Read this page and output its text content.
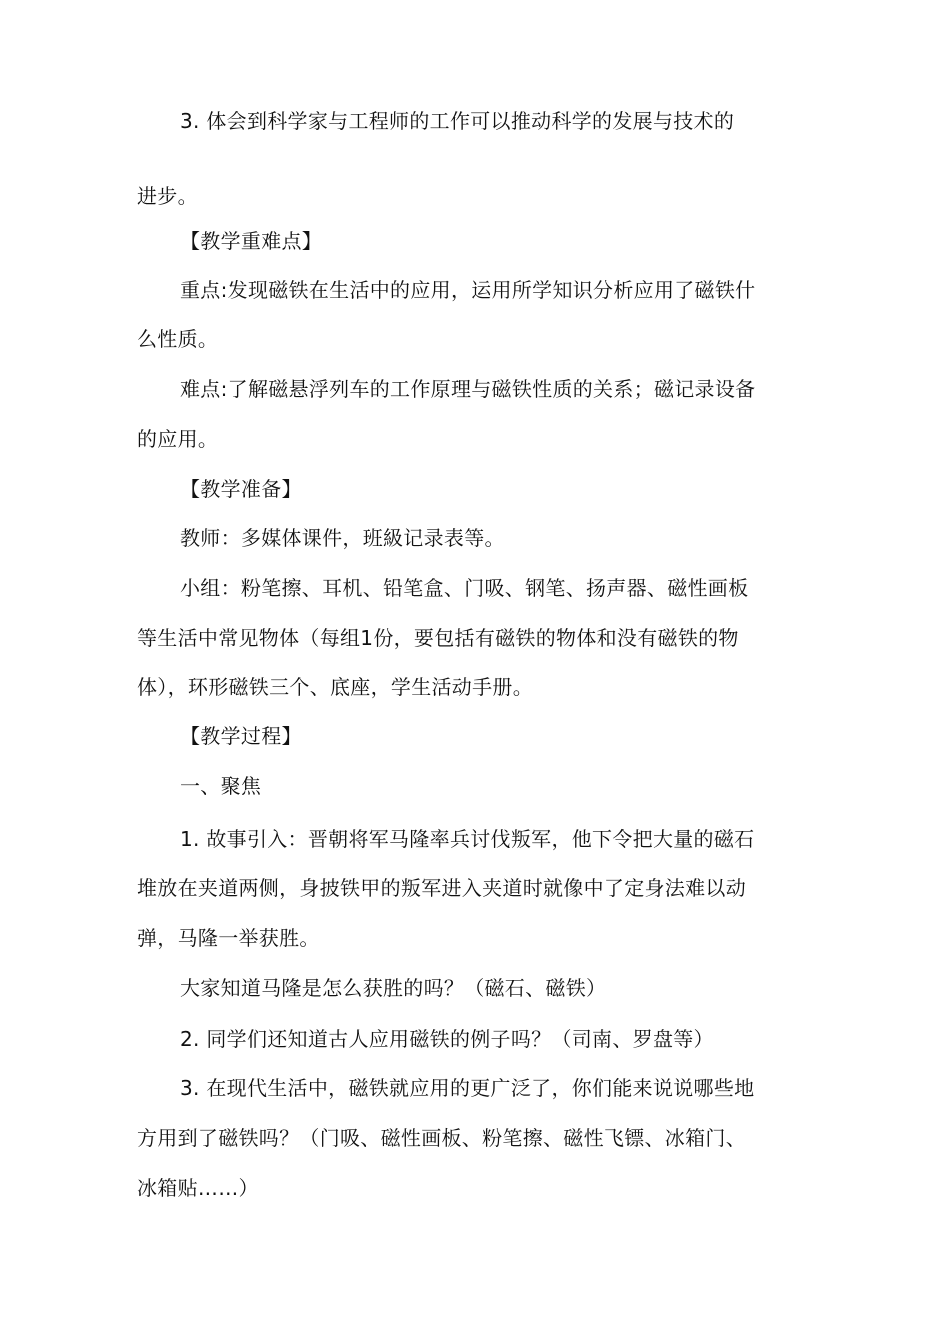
3. 体会到科学家与工程师的工作可以推动科学的发展与技术的
进步。
【教学重难点】
重点:发现磁铁在生活中的应用，运用所学知识分析应用了磁铁什
么性质。
难点:了解磁悬浮列车的工作原理与磁铁性质的关系；磁记录设备
的应用。
【教学准备】
教师：多媒体课件，班級记录表等。
小组：粉笔擦、耳机、铅笔盒、门吸、钢笔、扬声器、磁性画板
等生活中常见物体（每组1份，要包括有磁铁的物体和没有磁铁的物
体），环形磁铁三个、底座，学生活动手册。
【教学过程】
一、聚焦
1. 故事引入：晋朝将军马隆率兵讨伐叛军，他下令把大量的磁石
堆放在夹道两侧，身披铁甲的叛军进入夹道时就像中了定身法难以动
弹，马隆一举获胜。
大家知道马隆是怎么获胜的吗？（磁石、磁铁）
2. 同学们还知道古人应用磁铁的例子吗？（司南、罗盘等）
3. 在现代生活中，磁铁就应用的更广泛了，你们能来说说哪些地
方用到了磁铁吗？（门吸、磁性画板、粉笔擦、磁性飞镖、冰箱门、
冰箱贴……）
